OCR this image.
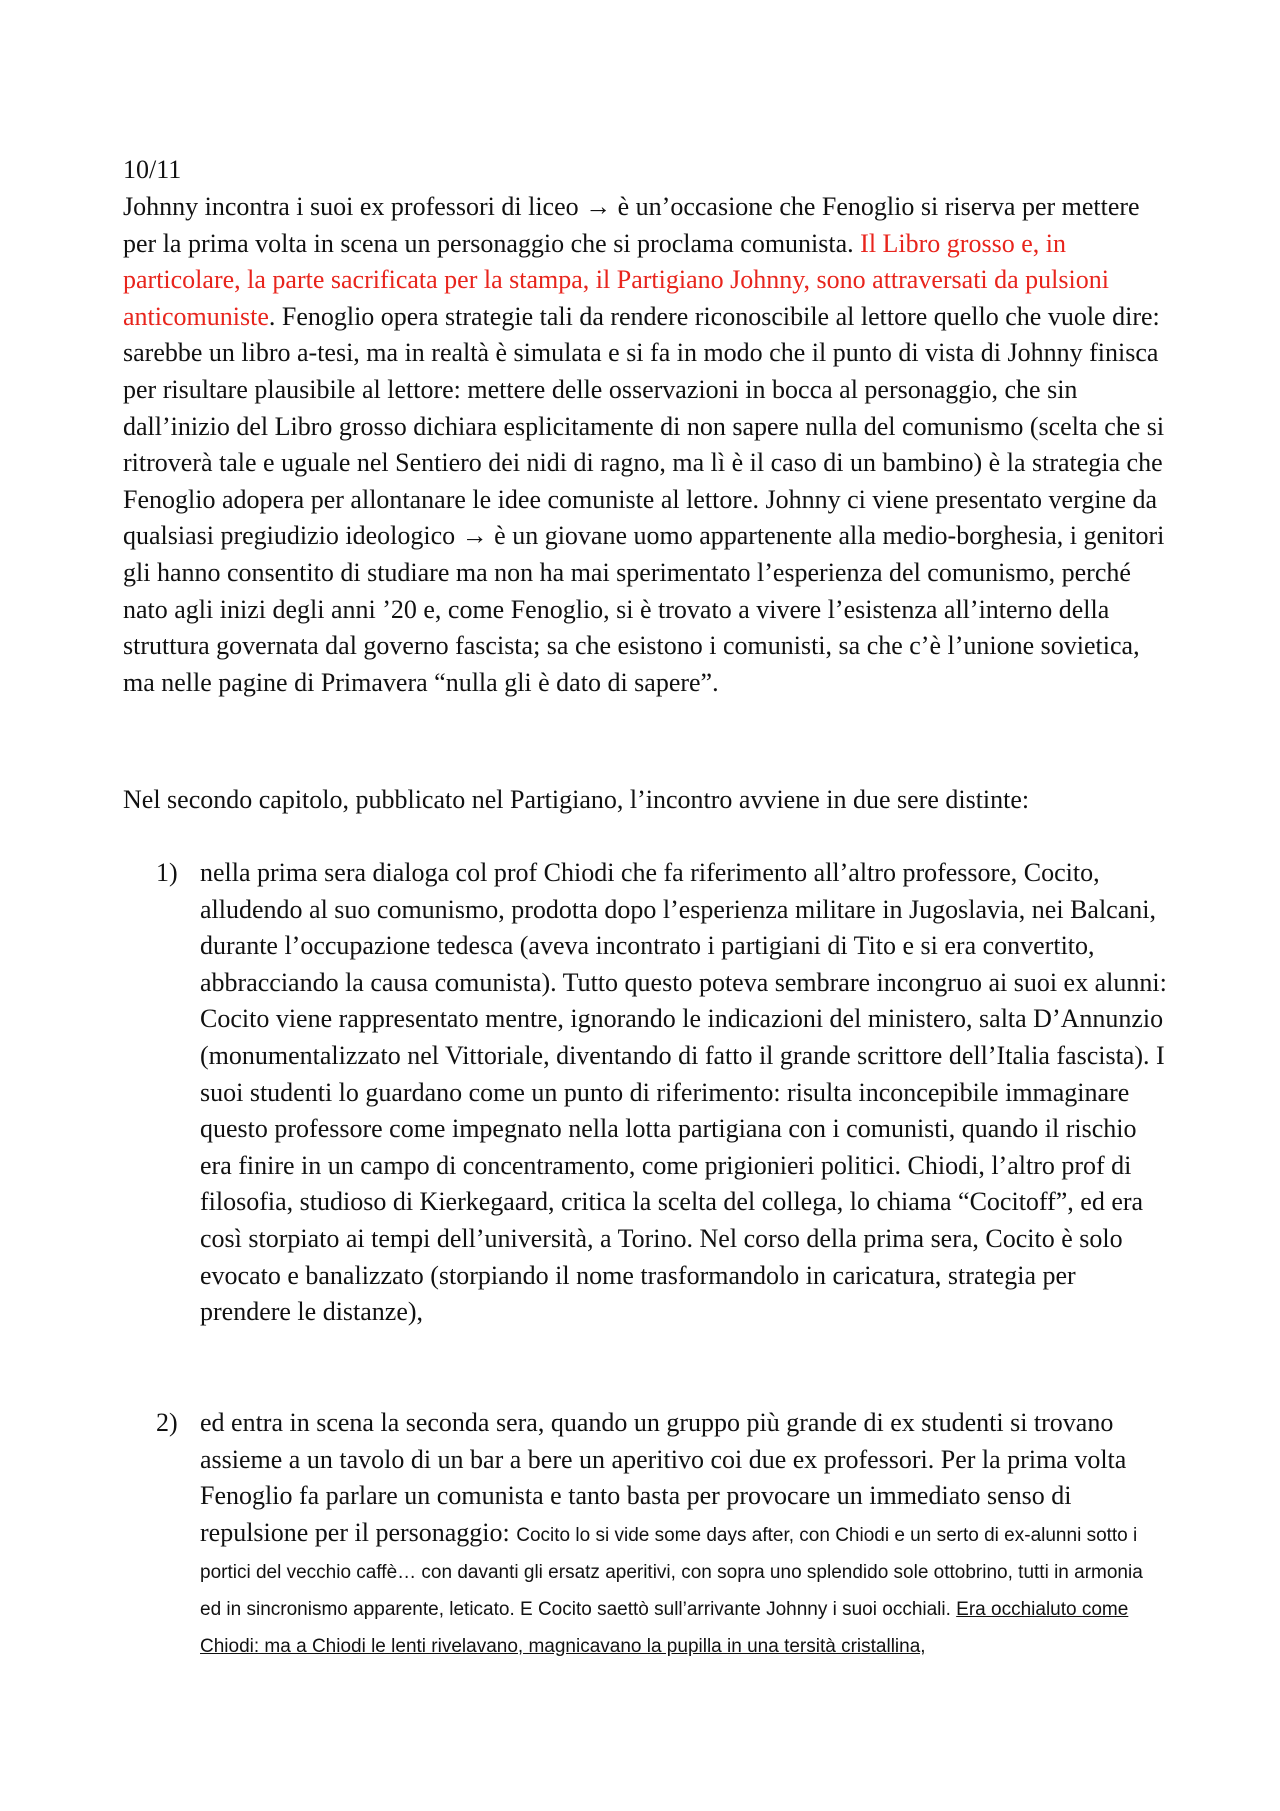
10/11
Johnny incontra i suoi ex professori di liceo → è un’occasione che Fenoglio si riserva per mettere per la prima volta in scena un personaggio che si proclama comunista. Il Libro grosso e, in particolare, la parte sacrificata per la stampa, il Partigiano Johnny, sono attraversati da pulsioni anticomuniste. Fenoglio opera strategie tali da rendere riconoscibile al lettore quello che vuole dire: sarebbe un libro a-tesi, ma in realtà è simulata e si fa in modo che il punto di vista di Johnny finisca per risultare plausibile al lettore: mettere delle osservazioni in bocca al personaggio, che sin dall’inizio del Libro grosso dichiara esplicitamente di non sapere nulla del comunismo (scelta che si ritroverà tale e uguale nel Sentiero dei nidi di ragno, ma lì è il caso di un bambino) è la strategia che Fenoglio adopera per allontanare le idee comuniste al lettore. Johnny ci viene presentato vergine da qualsiasi pregiudizio ideologico → è un giovane uomo appartenente alla medio-borghesia, i genitori gli hanno consentito di studiare ma non ha mai sperimentato l’esperienza del comunismo, perché nato agli inizi degli anni ’20 e, come Fenoglio, si è trovato a vivere l’esistenza all’interno della struttura governata dal governo fascista; sa che esistono i comunisti, sa che c’è l’unione sovietica, ma nelle pagine di Primavera “nulla gli è dato di sapere”.
Nel secondo capitolo, pubblicato nel Partigiano, l’incontro avviene in due sere distinte:
1) nella prima sera dialoga col prof Chiodi che fa riferimento all’altro professore, Cocito, alludendo al suo comunismo, prodotta dopo l’esperienza militare in Jugoslavia, nei Balcani, durante l’occupazione tedesca (aveva incontrato i partigiani di Tito e si era convertito, abbracciando la causa comunista). Tutto questo poteva sembrare incongruo ai suoi ex alunni: Cocito viene rappresentato mentre, ignorando le indicazioni del ministero, salta D’Annunzio (monumentalizzato nel Vittoriale, diventando di fatto il grande scrittore dell’Italia fascista). I suoi studenti lo guardano come un punto di riferimento: risulta inconcepibile immaginare questo professore come impegnato nella lotta partigiana con i comunisti, quando il rischio era finire in un campo di concentramento, come prigionieri politici. Chiodi, l’altro prof di filosofia, studioso di Kierkegaard, critica la scelta del collega, lo chiama “Cocitoff”, ed era così storpiato ai tempi dell’università, a Torino. Nel corso della prima sera, Cocito è solo evocato e banalizzato (storpiando il nome trasformandolo in caricatura, strategia per prendere le distanze),
2) ed entra in scena la seconda sera, quando un gruppo più grande di ex studenti si trovano assieme a un tavolo di un bar a bere un aperitivo coi due ex professori. Per la prima volta Fenoglio fa parlare un comunista e tanto basta per provocare un immediato senso di repulsione per il personaggio: Cocito lo si vide some days after, con Chiodi e un serto di ex-alunni sotto i portici del vecchio caffè… con davanti gli ersatz aperitivi, con sopra uno splendido sole ottobrino, tutti in armonia ed in sincronismo apparente, leticato. E Cocito saettò sull’arrivante Johnny i suoi occhiali. Era occhialuto come Chiodi: ma a Chiodi le lenti rivelavano, magnicavano la pupilla in una tersità cristallina,
